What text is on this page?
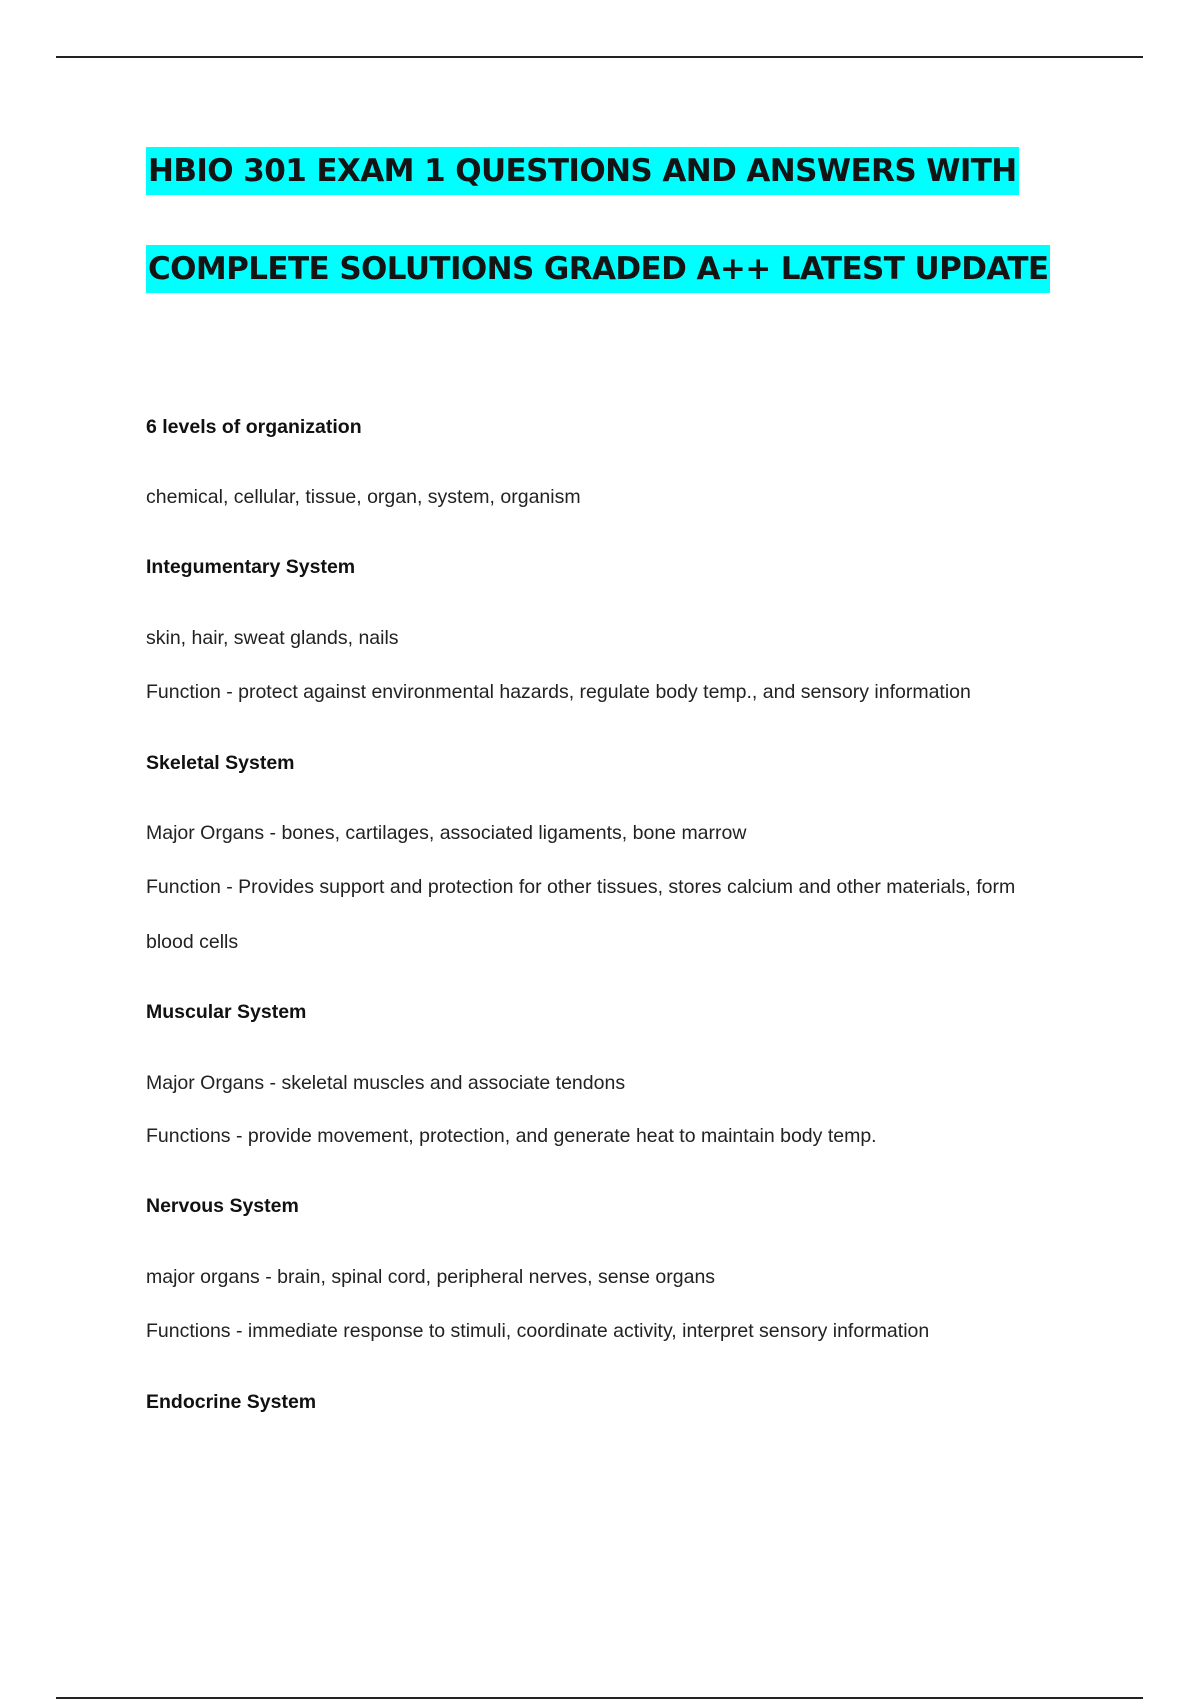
HBIO 301 EXAM 1 QUESTIONS AND ANSWERS WITH
COMPLETE SOLUTIONS GRADED A++ LATEST UPDATE
6 levels of organization
chemical, cellular, tissue, organ, system, organism
Integumentary System
skin, hair, sweat glands, nails
Function - protect against environmental hazards, regulate body temp., and sensory information
Skeletal System
Major Organs - bones, cartilages, associated ligaments, bone marrow
Function - Provides support and protection for other tissues, stores calcium and other materials, form
blood cells
Muscular System
Major Organs - skeletal muscles and associate tendons
Functions - provide movement, protection, and generate heat to maintain body temp.
Nervous System
major organs - brain, spinal cord, peripheral nerves, sense organs
Functions - immediate response to stimuli, coordinate activity, interpret sensory information
Endocrine System
